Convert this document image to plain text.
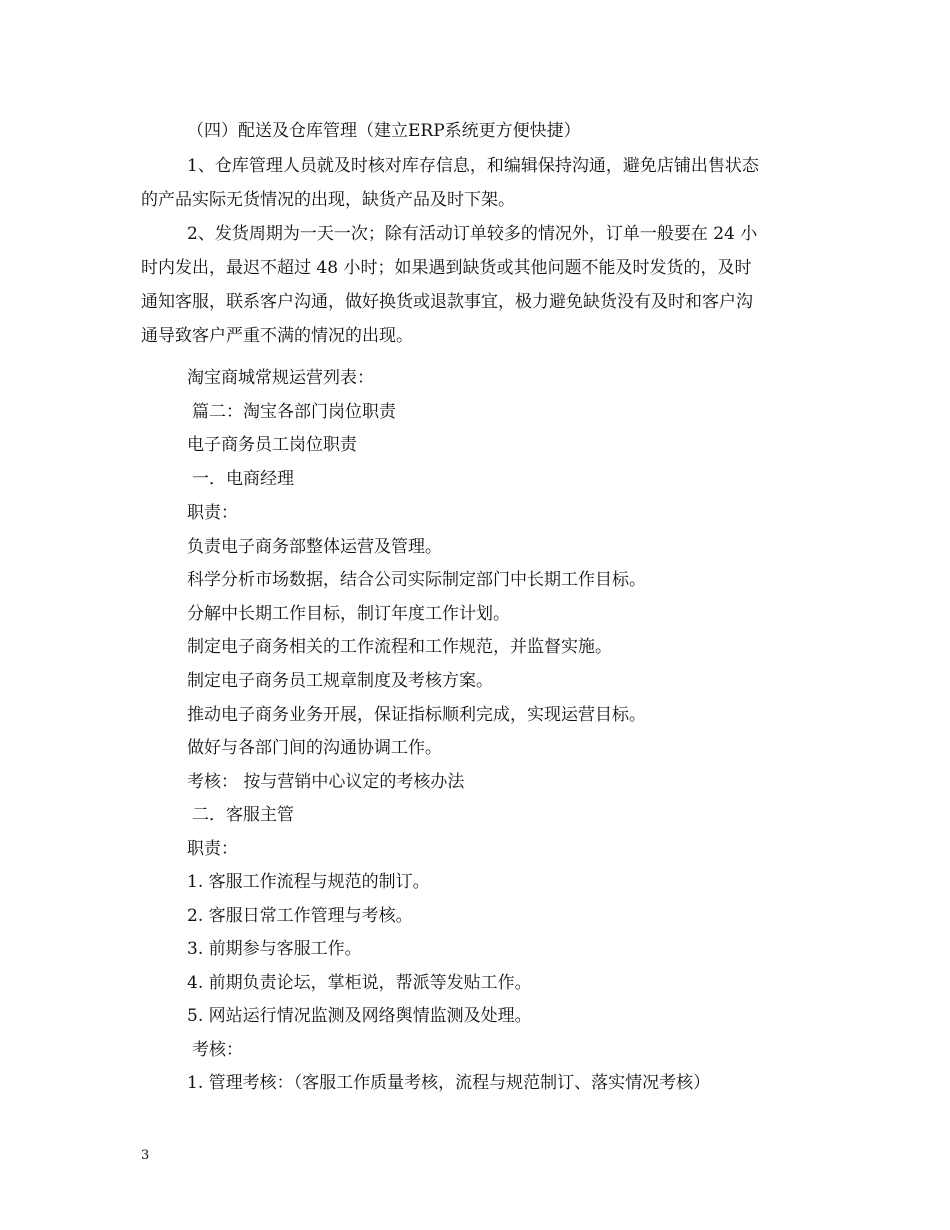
（四）配送及仓库管理（建立ERP系统更方便快捷）
1、仓库管理人员就及时核对库存信息，和编辑保持沟通，避免店铺出售状态
的产品实际无货情况的出现，缺货产品及时下架。
2、发货周期为一天一次；除有活动订单较多的情况外，订单一般要在 24 小
时内发出，最迟不超过 48 小时；如果遇到缺货或其他问题不能及时发货的，及时
通知客服，联系客户沟通，做好换货或退款事宜，极力避免缺货没有及时和客户沟
通导致客户严重不满的情况的出现。
淘宝商城常规运营列表：
篇二：淘宝各部门岗位职责
电子商务员工岗位职责
一．电商经理
职责：
负责电子商务部整体运营及管理。
科学分析市场数据，结合公司实际制定部门中长期工作目标。
分解中长期工作目标，制订年度工作计划。
制定电子商务相关的工作流程和工作规范，并监督实施。
制定电子商务员工规章制度及考核方案。
推动电子商务业务开展，保证指标顺利完成，实现运营目标。
做好与各部门间的沟通协调工作。
考核： 按与营销中心议定的考核办法
二．客服主管
职责：
1. 客服工作流程与规范的制订。
2. 客服日常工作管理与考核。
3. 前期参与客服工作。
4. 前期负责论坛，掌柜说，帮派等发贴工作。
5. 网站运行情况监测及网络舆情监测及处理。
考核：
1. 管理考核：（客服工作质量考核，流程与规范制订、落实情况考核）
3
